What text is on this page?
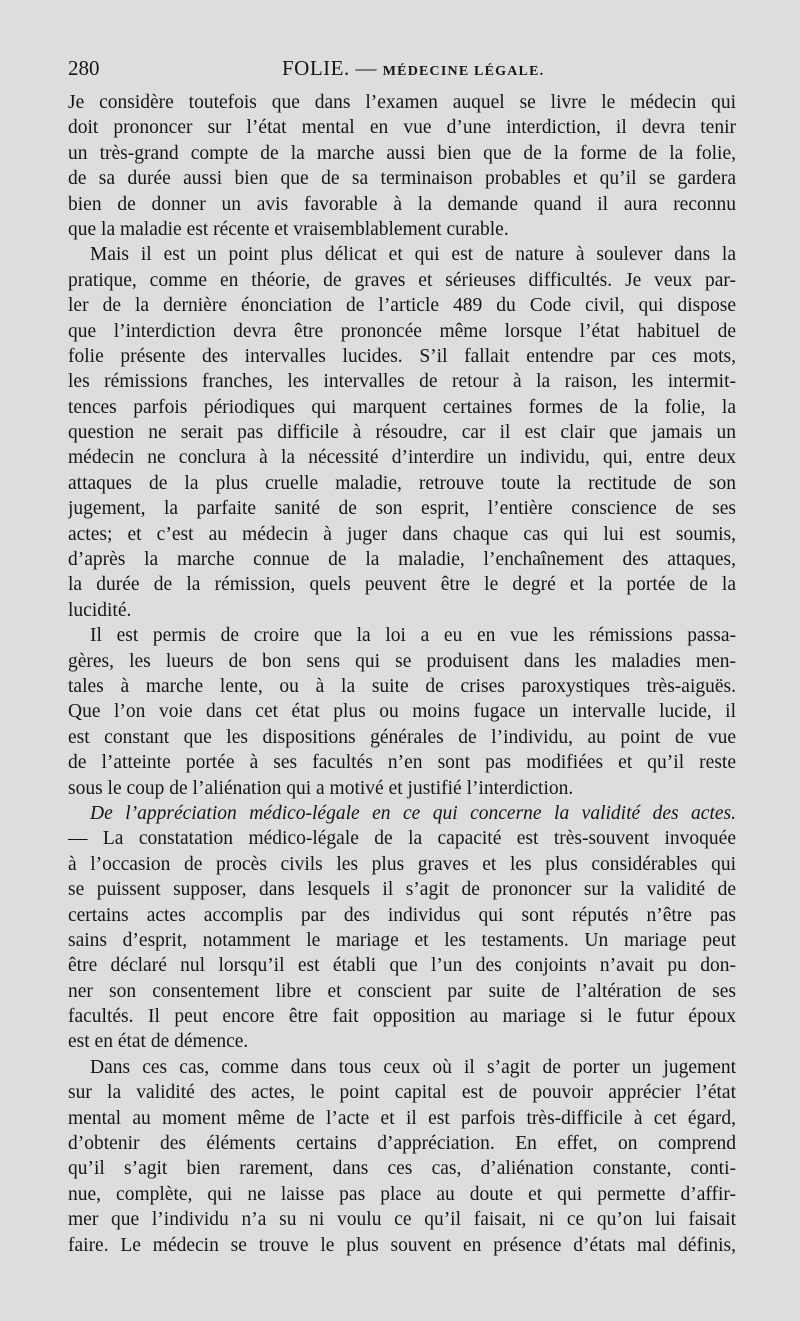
280	FOLIE. — MÉDECINE LÉGALE.
Je considère toutefois que dans l’examen auquel se livre le médecin qui
doit prononcer sur l’état mental en vue d’une interdiction, il devra tenir
un très-grand compte de la marche aussi bien que de la forme de la folie,
de sa durée aussi bien que de sa terminaison probables et qu’il se gardera
bien de donner un avis favorable à la demande quand il aura reconnu
que la maladie est récente et vraisemblablement curable.
Mais il est un point plus délicat et qui est de nature à soulever dans la
pratique, comme en théorie, de graves et sérieuses difficultés. Je veux par-
ler de la dernière énonciation de l’article 489 du Code civil, qui dispose
que l’interdiction devra être prononcée même lorsque l’état habituel de
folie présente des intervalles lucides. S’il fallait entendre par ces mots,
les rémissions franches, les intervalles de retour à la raison, les intermit-
tences parfois périodiques qui marquent certaines formes de la folie, la
question ne serait pas difficile à résoudre, car il est clair que jamais un
médecin ne conclura à la nécessité d’interdire un individu, qui, entre deux
attaques de la plus cruelle maladie, retrouve toute la rectitude de son
jugement, la parfaite sanité de son esprit, l’entière conscience de ses
actes; et c’est au médecin à juger dans chaque cas qui lui est soumis,
d’après la marche connue de la maladie, l’enchaînement des attaques,
la durée de la rémission, quels peuvent être le degré et la portée de la
lucidité.
Il est permis de croire que la loi a eu en vue les rémissions passa-
gères, les lueurs de bon sens qui se produisent dans les maladies men-
tales à marche lente, ou à la suite de crises paroxystiques très-aiguës.
Que l’on voie dans cet état plus ou moins fugace un intervalle lucide, il
est constant que les dispositions générales de l’individu, au point de vue
de l’atteinte portée à ses facultés n’en sont pas modifiées et qu’il reste
sous le coup de l’aliénation qui a motivé et justifié l’interdiction.
De l’appréciation médico-légale en ce qui concerne la validité des actes.
— La constatation médico-légale de la capacité est très-souvent invoquée
à l’occasion de procès civils les plus graves et les plus considérables qui
se puissent supposer, dans lesquels il s’agit de prononcer sur la validité de
certains actes accomplis par des individus qui sont réputés n’être pas
sains d’esprit, notamment le mariage et les testaments. Un mariage peut
être déclaré nul lorsqu’il est établi que l’un des conjoints n’avait pu don-
ner son consentement libre et conscient par suite de l’altération de ses
facultés. Il peut encore être fait opposition au mariage si le futur époux
est en état de démence.
Dans ces cas, comme dans tous ceux où il s’agit de porter un jugement
sur la validité des actes, le point capital est de pouvoir apprécier l’état
mental au moment même de l’acte et il est parfois très-difficile à cet égard,
d’obtenir des éléments certains d’appréciation. En effet, on comprend
qu’il s’agit bien rarement, dans ces cas, d’aliénation constante, conti-
nue, complète, qui ne laisse pas place au doute et qui permette d’affir-
mer que l’individu n’a su ni voulu ce qu’il faisait, ni ce qu’on lui faisait
faire. Le médecin se trouve le plus souvent en présence d’états mal définis,
